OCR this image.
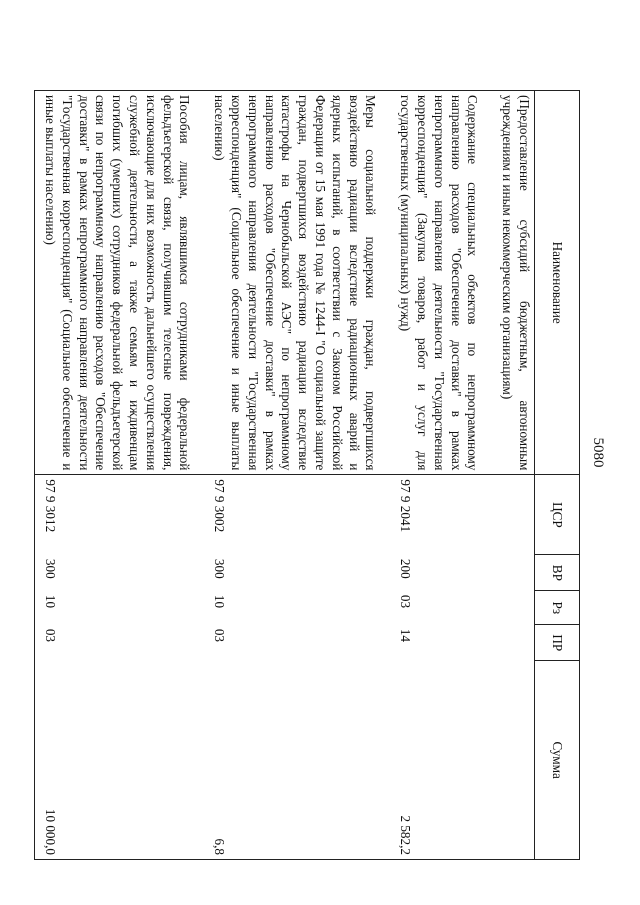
5080
Наименование	ЦСР	ВР	Рз	ПР	Сумма
(Предоставление субсидий бюджетным, автономным учреждениям и иным некоммерческим организациям)					
Содержание специальных объектов по непрограммному направлению расходов "Обеспечение доставки" в рамках непрограммного направления деятельности "Государственная корреспонденция" (Закупка товаров, работ и услуг для государственных (муниципальных) нужд)	97 9 2041	200	03	14	2 582,2
Меры социальной поддержки граждан, подвергшихся воздействию радиации вследствие радиационных аварий и ядерных испытаний, в соответствии с Законом Российской Федерации от 15 мая 1991 года № 1244-I "О социальной защите граждан, подвергшихся воздействию радиации вследствие катастрофы на Чернобыльской АЭС" по непрограммному направлению расходов "Обеспечение доставки" в рамках непрограммного направления деятельности "Государственная корреспонденция" (Социальное обеспечение и иные выплаты населению)	97 9 3002	300	10	03	6,8
Пособия лицам, являвшимся сотрудниками федеральной фельдъегерской связи, получившим телесные повреждения, исключающие для них возможность дальнейшего осуществления служебной деятельности, а также семьям и иждивенцам погибших (умерших) сотрудников федеральной фельдъегерской связи по непрограммному направлению расходов "Обеспечение доставки" в рамках непрограммного направления деятельности "Государственная корреспонденция" (Социальное обеспечение и иные выплаты населению)	97 9 3012	300	10	03	10 000,0
